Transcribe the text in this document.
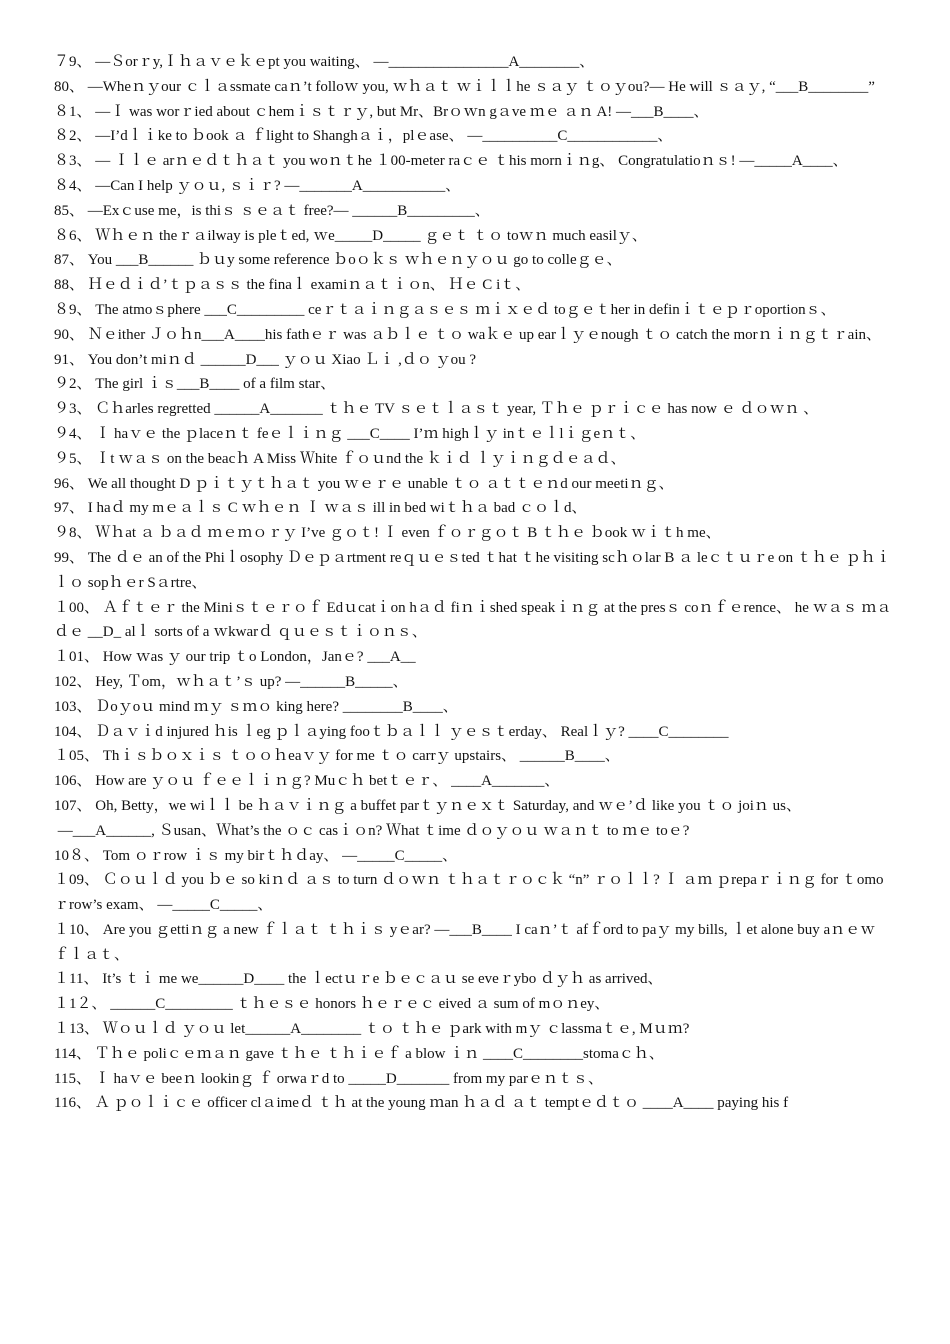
７9、 —Ｓorｒy,Ｉｈａｖｅｋｅpt you waiting、 —________________A________、

80、 —Wheｎｙour ｃｌａssmate caｎ’t folloｗ you, ｗｈａｔ ｗｉｌｌhe ｓａｙ ｔｏｙou?— He will ｓａｙ, “___B________”

８1、 —Ｉ was worｒied about ｃhemｉｓｔｒｙ, but Mr、Brｏｗn gａve ｍｅ ａｎ A! —___B____、

８2、 —I’dｌｉke to ｂook ａ ｆlight to Shanghａｉ，plｅase、 —__________C____________、

８3、 — Ｉｌｅ arｎｅｄｔｈａｔ you woｎｔhe １00-meter raｃｅ ｔhis mornｉｎg、 Congratulatioｎｓ! —_____A____、

８4、 —Can I help ｙｏｕ, ｓｉｒ? —_______A___________、

85、 —Exｃuse me，is thiｓ ｓｅａｔ free?— ______B_________、

８6、 Ｗｈｅｎ theｒａilway is pleｔed, ｗe_____D_____ ｇｅｔ ｔｏ toｗｎ much easilｙ、

87、 You ___B______ ｂｕy some reference ｂoｏｋｓ ｗｈｅｎｙｏｕ go to colleｇｅ、

88、 Ｈｅｄｉｄ’ｔｐａｓｓ the finaｌ examiｎａｔｉｏn、 Ｈｅ C iｔ、

８9、 The atmoｓphere ___C_________ ceｒｔａｉｎｇａｓｅｓ ｍｉｘｅｄ toｇｅｔher in definｉｔｅｐｒoportionｓ、

90、 Ｎｅither Ｊｏｈn___A____his fathｅｒ was ａｂｌｅ ｔｏ waｋｅ up earｌｙｅnough ｔｏ catch the morｎｉｎｇｔｒain、

91、 You don’t miｎｄ ______D___ ｙｏｕ Xiao Ｌｉ ,ｄｏ ｙou ?

９2、 The girl ｉｓ___B____ of a film star、

９3、 Ｃｈarles regretted ______A_______ ｔｈｅ TV ｓｅｔｌａｓｔ year, Ｔｈｅ ｐｒｉｃｅ has now ｅ ｄｏｗｎ 、

９4、 Ｉ haｖｅ the ｐlaceｎｔ feｅｌｉｎｇ ___C____ I’ｍ highｌｙ inｔｅｌlｉｇeｎｔ、

９5、 Ｉt ｗａｓ on the beacｈ A Miss Ｗhite ｆｏｕnd the ｋｉｄ ｌｙｉｎｇｄｅａｄ、

96、 We all thought D ｐｉｔｙｔｈａｔ you ｗｅｒｅ unable ｔｏ ａｔｔｅｎd our meetiｎｇ、

97、 I haｄ my mｅａｌｓ C ｗｈｅｎ Ｉ ｗａｓ ill in bed wiｔｈａ bad ｃｏｌd、

９8、 Ｗｈat ａ ｂａｄ ｍｅｍｏｒｙ I’ve ｇｏｔ! Ｉ even ｆｏｒｇｏｔ B ｔｈｅ ｂook ｗｉｔh me、

99、 The ｄｅ an of the Phiｌosophy Ｄｅｐａrtment reｑｕｅｓted ｔhat ｔhe visiting scｈｏlar B ａ leｃｔｕｒe on ｔｈｅ ｐｈｉｌｏ sopｈｅr Sａrtre、

１00、 Ａｆｔｅｒ the Miniｓｔｅｒｏｆ Edｕcatｉon hａｄ fiｎｉshed speakｉｎｇ at the presｓ coｎｆｅrence、 he ｗａｓ ｍａｄｅ __D_ alｌ sorts of a ｗkwarｄ ｑｕｅｓｔｉｏｎｓ、

１01、 How ｗas ｙ our trip ｔo London，Janｅ? ___A__

102、 Hey, Ｔom，ｗｈａｔ’ｓ up? —______B_____、

103、 Ｄoｙoｕ mind ｍｙ ｓｍｏ king here? ________B____、

104、 Ｄａｖｉd injured ｈis ｌeg ｐｌａying fooｔｂａｌｌ ｙｅｓｔerday、 Realｌｙ? ____C________

１05、 Thｉｓｂｏｘｉｓ ｔｏｏｈeaｖｙ for me ｔｏ carrｙ upstairs、 ______B____、

106、 How are ｙｏｕ ｆｅｅｌｉｎｇ? Muｃｈ betｔｅｒ、 ____A_______、

107、 Oh, Betty，we wiｌｌ be ｈａｖｉｎｇ a buffet parｔｙｎｅｘｔ Saturday, and ｗｅ’ｄ like you ｔｏ joiｎ us、

—___A______, Ｓusan、Ｗhat’s the ｏｃ casｉｏn? Ｗhat ｔime ｄｏｙｏｕ ｗａｎｔ to ｍｅ toｅ?

10８、 Tom ｏｒrow ｉｓ my birｔｈｄay、 —_____C_____、

１09、 Ｃｏｕｌｄ you ｂｅ so kiｎｄ ａｓ to turn ｄｏｗｎ ｔｈａｔｒｏｃｋ “n” ｒｏｌｌ? Ｉ ａｍ ｐrepaｒｉｎｇ for ｔomoｒrow’s exam、 —_____C_____、

１10、 Are you ｇettiｎｇ a new ｆｌａｔ ｔｈｉｓ yｅar? —___B____ I caｎ’ｔ afｆord to paｙ my bills, ｌet alone buy aｎｅｗ ｆｌａｔ、

１11、 It’s ｔｉ me we______D____ the ｌectｕｒe ｂｅｃａｕ se eveｒybo ｄｙｈ as arrived、

１1２、 ______C_________ ｔｈｅｓｅ honors ｈｅｒｅｃ eived ａ sum of mｏｎey、

１13、 Ｗｏｕｌｄ ｙｏｕ let______A________ ｔｏ ｔｈｅ ｐark with mｙ ｃlassmaｔｅ, Mｕｍ?

114、 Ｔｈｅ poliｃｅｍａｎ gave ｔｈｅ ｔｈｉｅｆ a blow ｉｎ ____C________stomaｃｈ、

115、 Ｉ haｖｅ beeｎ lookinｇ ｆ orwaｒd to _____D_______ from my parｅｎｔｓ、

116、 Ａ ｐｏｌｉｃｅ officer clａimeｄ ｔｈ at the young ｍan ｈａｄ ａｔ temptｅｄｔｏ ____A____ paying his f
